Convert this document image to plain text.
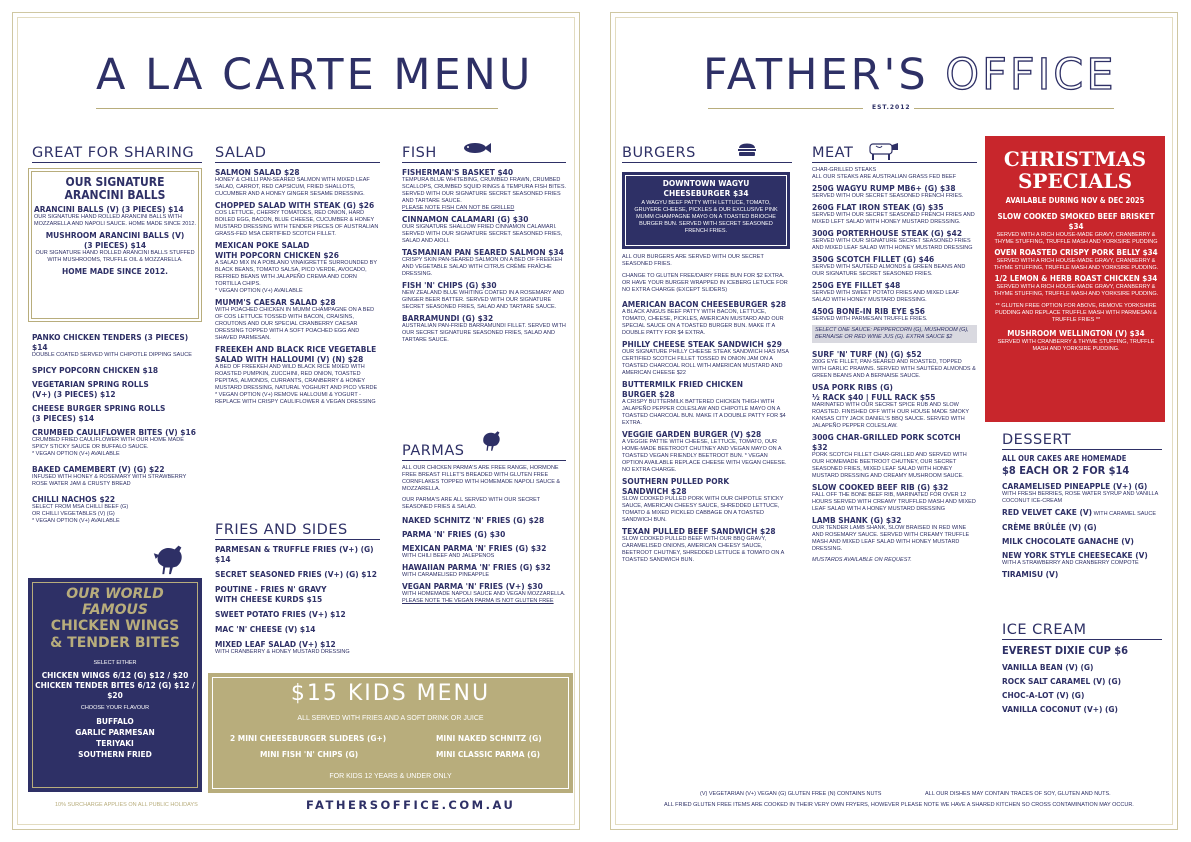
A LA CARTE MENU	FATHER'S OFFICE
EST.2012
GREAT FOR SHARING
OUR SIGNATURE
ARANCINI BALLS
ARANCINI BALLS (V) (3 PIECES) $14
OUR SIGNATURE HAND ROLLED ARANCINI BALLS WITH MOZZARELLA AND NAPOLI SAUCE. HOME MADE SINCE 2012.
MUSHROOM ARANCINI BALLS (V)
(3 PIECES) $14
OUR SIGNATURE HAND ROLLED ARANCINI BALLS STUFFED WITH MUSHROOMS, TRUFFLE OIL & MOZZARELLA.
HOME MADE SINCE 2012.
PANKO CHICKEN TENDERS (3 PIECES) $14
DOUBLE COATED SERVED WITH CHIPOTLE DIPPING SAUCE
SPICY POPCORN CHICKEN $18
VEGETARIAN SPRING ROLLS
(V+) (3 PIECES) $12
CHEESE BURGER SPRING ROLLS
(3 PIECES) $14
CRUMBED CAULIFLOWER BITES (V) $16
CRUMBED FRIED CAULIFLOWER WITH OUR HOME MADE
SPICY STICKY SAUCE OR BUFFALO SAUCE.
* VEGAN OPTION (V+) AVAILABLE
BAKED CAMEMBERT (V) (G) $22
INFUSED WITH HONEY & ROSEMARY WITH STRAWBERRY
ROSE WATER JAM & CRUSTY BREAD
CHILLI NACHOS $22
SELECT FROM MSA CHILLI BEEF (G)
OR CHILLI VEGETABLES (V) (G)
* VEGAN OPTION (V+) AVAILABLE
OUR WORLD
FAMOUS
CHICKEN WINGS
& TENDER BITES
SELECT EITHER
CHICKEN WINGS 6/12 (G) $12 / $20
CHICKEN TENDER BITES 6/12 (G) $12 / $20
CHOOSE YOUR FLAVOUR
BUFFALO
GARLIC PARMESAN
TERIYAKI
SOUTHERN FRIED
10% SURCHARGE APPLIES ON ALL PUBLIC HOLIDAYS	FATHERSOFFICE.COM.AU
SALAD
SALMON SALAD $28
HONEY & CHILLI PAN-SEARED SALMON WITH MIXED LEAF SALAD, CARROT, RED CAPSICUM, FRIED SHALLOTS, CUCUMBER AND A HONEY GINGER SESAME DRESSING.
CHOPPED SALAD WITH STEAK (G) $26
COS LETTUCE, CHERRY TOMATOES, RED ONION, HARD BOILED EGG, BACON, BLUE CHEESE, CUCUMBER & HONEY MUSTARD DRESSING WITH TENDER PIECES OF AUSTRALIAN GRASS-FED MSA CERTIFIED SCOTCH FILLET.
MEXICAN POKE SALAD
WITH POPCORN CHICKEN $26
A SALAD MIX IN A POBLANO VINAIGRETTE SURROUNDED BY BLACK BEANS, TOMATO SALSA, PICO VERDE, AVOCADO, REFRIED BEANS WITH JALAPEÑO CREMA AND CORN TORTILLA CHIPS.
* VEGAN OPTION (V+) AVAILABLE
MUMM'S CAESAR SALAD $28
WITH POACHED CHICKEN IN MUMM CHAMPAGNE ON A BED OF COS LETTUCE TOSSED WITH BACON, CRAISINS, CROUTONS AND OUR SPECIAL CRANBERRY CAESAR DRESSING TOPPED WITH A SOFT POACHED EGG AND SHAVED PARMESAN.
FREEKEH AND BLACK RICE VEGETABLE
SALAD WITH HALLOUMI (V) (N) $28
A BED OF FREEKEH AND WILD BLACK RICE MIXED WITH ROASTED PUMPKIN, ZUCCHINI, RED ONION, TOASTED PEPITAS, ALMONDS, CURRANTS, CRANBERRY & HONEY MUSTARD DRESSING, NATURAL YOGHURT AND PICO VERDE
* VEGAN OPTION (V+) REMOVE HALLOUMI & YOGURT - REPLACE WITH CRISPY CAULIFLOWER & VEGAN DRESSING
FRIES AND SIDES
PARMESAN & TRUFFLE FRIES (V+) (G) $14
SECRET SEASONED FRIES (V+) (G) $12
POUTINE - FRIES N' GRAVY
WITH CHEESE KURDS $15
SWEET POTATO FRIES (V+) $12
MAC 'N' CHEESE (V) $14
MIXED LEAF SALAD (V+) $12
WITH CRANBERRY & HONEY MUSTARD DRESSING
FISH
FISHERMAN'S BASKET $40
TEMPURA BLUE WHITEBING, CRUMBED FRAWN, CRUMBED SCALLOPS, CRUMBED SQUID RINGS & TEMPURA FISH BITES. SERVED WITH OUR SIGNATURE SECRET SEASONED FRIES AND TARTARE SAUCE.
PLEASE NOTE FISH CAN NOT BE GRILLED
CINNAMON CALAMARI (G) $30
OUR SIGNATURE SHALLOW FRIED CINNAMON CALAMARI. SERVED WITH OUR SIGNATURE SECRET SEASONED FRIES, SALAD AND AIOLI.
TASMANIAN PAN SEARED SALMON $34
CRISPY SKIN PAN-SEARED SALMON ON A BED OF FREEKEH AND VEGETABLE SALAD WITH CITRUS CRÈME FRAÎCHE DRESSING.
FISH 'N' CHIPS (G) $30
NEW ZEALAND BLUE WHITING COATED IN A ROSEMARY AND GINGER BEER BATTER. SERVED WITH OUR SIGNATURE SECRET SEASONED FRIES, SALAD AND TARTARE SAUCE.
BARRAMUNDI (G) $32
AUSTRALIAN PAN-FRIED BARRAMUNDI FILLET. SERVED WITH OUR SECRET SIGNATURE SEASONED FRIES, SALAD AND TARTARE SAUCE.
PARMAS
ALL OUR CHICKEN PARMA'S ARE FREE RANGE, HORMONE FREE BREAST FILLET'S BREADED WITH GLUTEN FREE CORNFLAKES TOPPED WITH HOMEMADE NAPOLI SAUCE & MOZZARELLA.
OUR PARMA'S ARE ALL SERVED WITH OUR SECRET SEASONED FRIES & SALAD.
NAKED SCHNITZ 'N' FRIES (G) $28
PARMA 'N' FRIES (G) $30
MEXICAN PARMA 'N' FRIES (G) $32
WITH CHILI BEEF AND JALEPENOS
HAWAIIAN PARMA 'N' FRIES (G) $32
WITH CARAMELISED PINEAPPLE
VEGAN PARMA 'N' FRIES (V+) $30
WITH HOMEMADE NAPOLI SAUCE AND VEGAN MOZZARELLA.
PLEASE NOTE THE VEGAN PARMA IS NOT GLUTEN FREE
$15 KIDS MENU
ALL SERVED WITH FRIES AND A SOFT DRINK OR JUICE
2 MINI CHEESEBURGER SLIDERS (G+)	MINI NAKED SCHNITZ (G)
MINI FISH 'N' CHIPS (G)	MINI CLASSIC PARMA (G)
FOR KIDS 12 YEARS & UNDER ONLY
BURGERS
DOWNTOWN WAGYU
CHEESEBURGER $34
A WAGYU BEEF PATTY WITH LETTUCE, TOMATO, GRUYERE CHEESE, PICKLES & OUR EXCLUSIVE PINK MUMM CHAMPAGNE MAYO ON A TOASTED BRIOCHE BURGER BUN. SERVED WITH SECRET SEASONED FRENCH FRIES.
ALL OUR BURGERS ARE SERVED WITH OUR SECRET SEASONED FRIES.
CHANGE TO GLUTEN FREE/DAIRY FREE BUN FOR $2 EXTRA. OR HAVE YOUR BURGER WRAPPED IN ICEBERG LETUCE FOR NO EXTRA CHARGE (EXCEPT SLIDERS)
AMERICAN BACON CHEESEBURGER $28
A BLACK ANGUS BEEF PATTY WITH BACON, LETTUCE, TOMATO, CHEESE, PICKLES, AMERICAN MUSTARD AND OUR SPECIAL SAUCE ON A TOASTED BURGER BUN. MAKE IT A DOUBLE PATTY FOR $4 EXTRA.
PHILLY CHEESE STEAK SANDWICH $29
OUR SIGNATURE PHILLY CHEESE STEAK SANDWICH HAS MSA CERTIFIED SCOTCH FILLET TOSSED IN ONION JAM ON A TOASTED CHARCOAL ROLL WITH AMERICAN MUSTARD AND AMERICAN CHEESE $22
BUTTERMILK FRIED CHICKEN
BURGER $28
A CRISPY BUTTERMILK BATTERED CHICKEN THIGH WITH JALAPEÑO PEPPER COLESLAW AND CHIPOTLE MAYO ON A TOASTED CHARCOAL BUN. MAKE IT A DOUBLE PATTY FOR $4 EXTRA.
VEGGIE GARDEN BURGER (V) $28
A VEGGIE PATTIE WITH CHEESE, LETTUCE, TOMATO, OUR HOME-MADE BEETROOT CHUTNEY AND VEGAN MAYO ON A TOASTED VEGAN FRIENDLY BEETROOT BUN. * VEGAN OPTION AVAILABLE REPLACE CHEESE WITH VEGAN CHEESE. NO EXTRA CHARGE.
SOUTHERN PULLED PORK
SANDWICH $28
SLOW COOKED PULLED PORK WITH OUR CHIPOTLE STICKY SAUCE, AMERICAN CHEESY SAUCE, SHREDDED LETTUCE, TOMATO & MIXED PICKLED CABBAGE ON A TOASTED SANDWICH BUN.
TEXAN PULLED BEEF SANDWICH $28
SLOW COOKED PULLED BEEF WITH OUR BBQ GRAVY, CARAMELISED ONIONS, AMERICAN CHEESY SAUCE, BEETROOT CHUTNEY, SHREDDED LETTUCE & TOMATO ON A TOASTED SANDWICH BUN.
MEAT
CHAR-GRILLED STEAKS
ALL OUR STEAKS ARE AUSTRALIAN GRASS FED BEEF
250G WAGYU RUMP MB6+ (G) $38
SERVED WITH OUR SECRET SEASONED FRENCH FRIES.
260G FLAT IRON STEAK (G) $35
SERVED WITH OUR SECRET SEASONED FRENCH FRIES AND MIXED LEFT SALAD WITH HONEY MUSTARD DRESSING.
300G PORTERHOUSE STEAK (G) $42
SERVED WITH OUR SIGNATURE SECRET SEASONED FRIES AND MIXED LEAF SALAD WITH HONEY MUSTARD DRESSING
350G SCOTCH FILLET (G) $46
SERVED WITH SAUTÉED ALMONDS & GREEN BEANS AND OUR SIGNATURE SECRET SEASONED FRIES.
250G EYE FILLET $48
SERVED WITH SWEET POTATO FRIES AND MIXED LEAF SALAD WITH HONEY MUSTARD DRESSING.
450G BONE-IN RIB EYE $56
SERVED WITH PARMESAN TRUFFLE FRIES.
SELECT ONE SAUCE: PEPPERCORN (G), MUSHROOM (G), BERNAISE OR RED WINE JUS (G). EXTRA SAUCE $2
SURF 'N' TURF (N) (G) $52
200G EYE FILLET, PAN-SEARED AND ROASTED, TOPPED WITH GARLIC PRAWNS. SERVED WITH SAUTÉED ALMONDS & GREEN BEANS AND A BERNAISE SAUCE.
USA PORK RIBS (G)
½ RACK $40 | FULL RACK $55
MARINATED WITH OUR SECRET SPICE RUB AND SLOW ROASTED. FINISHED OFF WITH OUR HOUSE MADE SMOKY KANSAS CITY JACK DANIEL'S BBQ SAUCE. SERVED WITH JALAPEÑO PEPPER COLESLAW.
300G CHAR-GRILLED PORK SCOTCH $32
PORK SCOTCH FILLET CHAR-GRILLED AND SERVED WITH OUR HOMEMADE BEETROOT CHUTNEY, OUR SECRET SEASONED FRIES, MIXED LEAF SALAD WITH HONEY MUSTARD DRESSING AND CREAMY MUSHROOM SAUCE.
SLOW COOKED BEEF RIB (G) $32
FALL OFF THE BONE BEEF RIB, MARINATED FOR OVER 12 HOURS SERVED WITH CREAMY TRUFFLED MASH AND MIXED LEAF SALAD WITH A HONEY MUSTARD DRESSING
LAMB SHANK (G) $32
OUR TENDER LAMB SHANK, SLOW BRAISED IN RED WINE AND ROSEMARY SAUCE. SERVED WITH CREAMY TRUFFLE MASH AND MIXED LEAF SALAD WITH HONEY MUSTARD DRESSING.
MUSTARDS AVAILABLE ON REQUEST.
CHRISTMAS
SPECIALS
AVAILABLE DURING NOV & DEC 2025
SLOW COOKED SMOKED BEEF BRISKET $34
SERVED WITH A RICH HOUSE-MADE GRAVY, CRANBERRY & THYME STUFFING, TRUFFLE MASH AND YORKSIRE PUDDING
OVEN ROASTED CRISPY PORK BELLY $34
SERVED WITH A RICH HOUSE-MADE GRAVY, CRANBERRY & THYME STUFFING, TRUFFLE MASH AND YORKSIRE PUDDING.
1/2 LEMON & HERB ROAST CHICKEN $34
SERVED WITH A RICH HOUSE-MADE GRAVY, CRANBERRY & THYME STUFFING, TRUFFLE MASH AND YORKSIRE PUDDING.
** GLUTEN FREE OPTION FOR ABOVE, REMOVE YORKSHIRE PUDDING AND REPLACE TRUFFLE MASH WITH PARMESAN & TRUFFLE FRIES **
MUSHROOM WELLINGTON (V) $34
SERVED WITH CRANBERRY & THYME STUFFING, TRUFFLE MASH AND YORKSIRE PUDDING.
DESSERT
ALL OUR CAKES ARE HOMEMADE
$8 EACH OR 2 FOR $14
CARAMELISED PINEAPPLE (V+) (G)
WITH FRESH BERRIES, ROSE WATER SYRUP AND VANILLA COCONUT ICE-CREAM
RED VELVET CAKE (V) WITH CARAMEL SAUCE
CRÈME BRÛLÉE (V) (G)
MILK CHOCOLATE GANACHE (V)
NEW YORK STYLE CHEESECAKE (V)
WITH A STRAWBERRY AND CRANBERRY COMPOTE
TIRAMISU (V)
ICE CREAM
EVEREST DIXIE CUP $6
VANILLA BEAN (V) (G)
ROCK SALT CARAMEL (V) (G)
CHOC-A-LOT (V) (G)
VANILLA COCONUT (V+) (G)
(V) VEGETARIAN (V+) VEGAN (G) GLUTEN FREE (N) CONTAINS NUTS	ALL OUR DISHES MAY CONTAIN TRACES OF SOY, GLUTEN AND NUTS.
ALL FRIED GLUTEN FREE ITEMS ARE COOKED IN THEIR VERY OWN FRYERS, HOWEVER PLEASE NOTE WE HAVE A SHARED KITCHEN SO CROSS CONTAMINATION MAY OCCUR.
